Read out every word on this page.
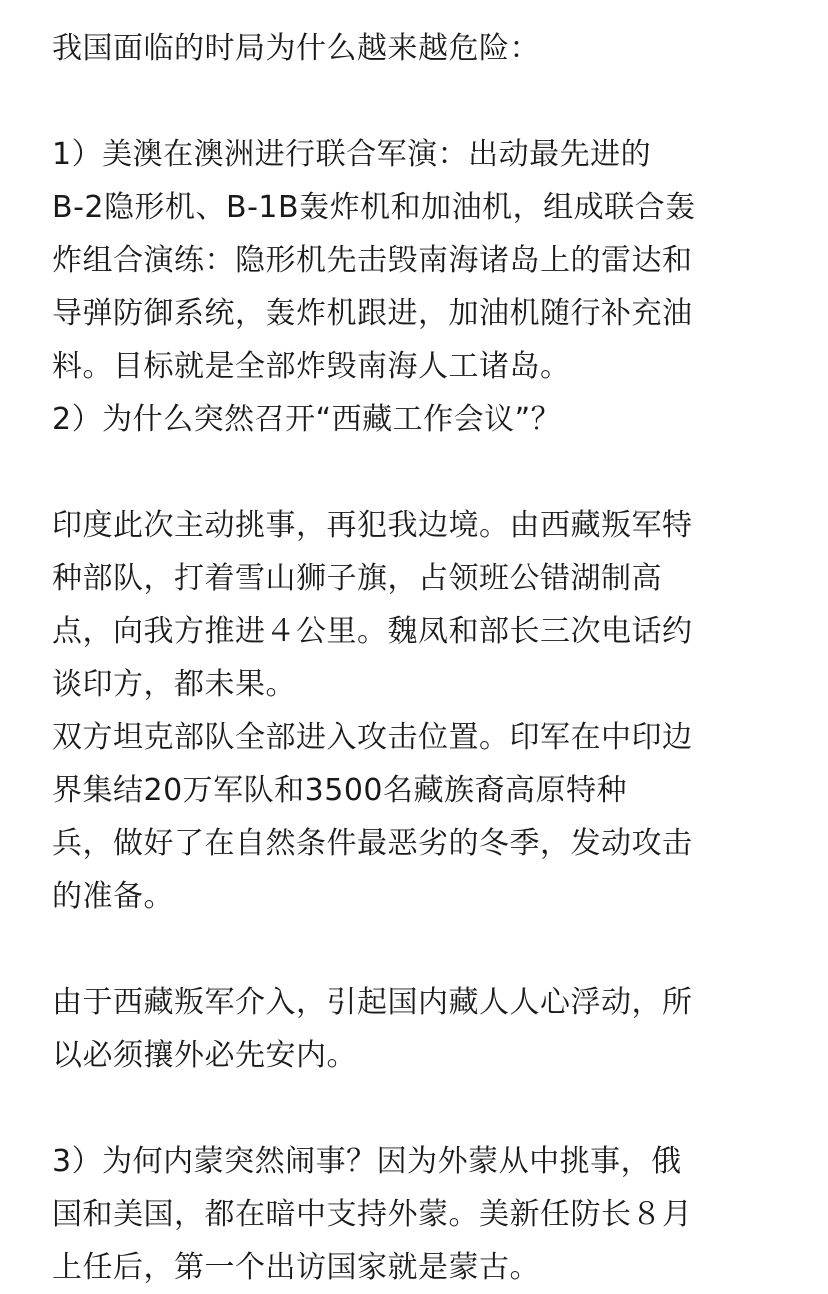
我国面临的时局为什么越来越危险：
1）美澳在澳洲进行联合军演：出动最先进的
B-2隐形机、B-1B轰炸机和加油机，组成联合轰
炸组合演练：隐形机先击毁南海诸岛上的雷达和
导弹防御系统，轰炸机跟进，加油机随行补充油
料。目标就是全部炸毁南海人工诸岛。
2）为什么突然召开“西藏工作会议”？
印度此次主动挑事，再犯我边境。由西藏叛军特
种部队，打着雪山狮子旗，占领班公错湖制高
点，向我方推进４公里。魏凤和部长三次电话约
谈印方，都未果。
双方坦克部队全部进入攻击位置。印军在中印边
界集结20万军队和3500名藏族裔高原特种
兵，做好了在自然条件最恶劣的冬季，发动攻击
的准备。
由于西藏叛军介入，引起国内藏人人心浮动，所
以必须攘外必先安内。
3）为何内蒙突然闹事？因为外蒙从中挑事，俄
国和美国，都在暗中支持外蒙。美新任防长８月
上任后，第一个出访国家就是蒙古。
